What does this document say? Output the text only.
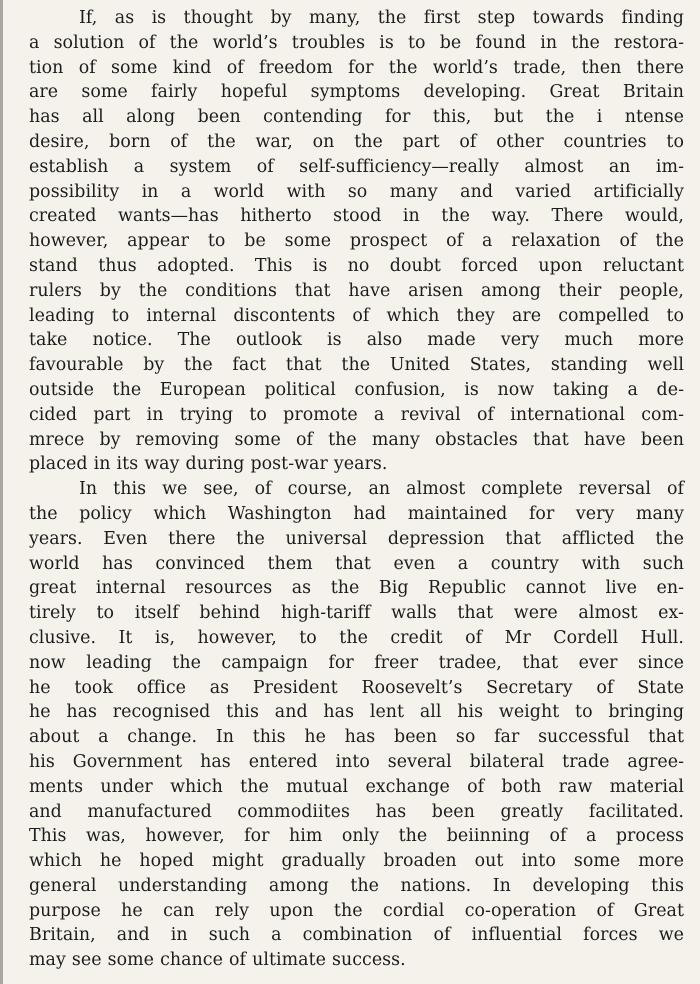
If, as is thought by many, the first step towards finding
a solution of the world’s troubles is to be found in the restora-
tion of some kind of freedom for the world’s trade, then there
are some fairly hopeful symptoms developing. Great Britain
has all along been contending for this, but the i ntense
desire, born of the war, on the part of other countries to
establish a system of self-sufficiency—really almost an im-
possibility in a world with so many and varied artificially
created wants—has hitherto stood in the way. There would,
however, appear to be some prospect of a relaxation of the
stand thus adopted. This is no doubt forced upon reluctant
rulers by the conditions that have arisen among their people,
leading to internal discontents of which they are compelled to
take notice. The outlook is also made very much more
favourable by the fact that the United States, standing well
outside the European political confusion, is now taking a de-
cided part in trying to promote a revival of international com-
mrece by removing some of the many obstacles that have been
placed in its way during post-war years.

In this we see, of course, an almost complete reversal of
the policy which Washington had maintained for very many
years. Even there the universal depression that afflicted the
world has convinced them that even a country with such
great internal resources as the Big Republic cannot live en-
tirely to itself behind high-tariff walls that were almost ex-
clusive. It is, however, to the credit of Mr Cordell Hull.
now leading the campaign for freer tradee, that ever since
he took office as President Roosevelt’s Secretary of State
he has recognised this and has lent all his weight to bringing
about a change. In this he has been so far successful that
his Government has entered into several bilateral trade agree-
ments under which the mutual exchange of both raw material
and manufactured commodiites has been greatly facilitated.
This was, however, for him only the beiinning of a process
which he hoped might gradually broaden out into some more
general understanding among the nations. In developing this
purpose he can rely upon the cordial co-operation of Great
Britain, and in such a combination of influential forces we
may see some chance of ultimate success.
